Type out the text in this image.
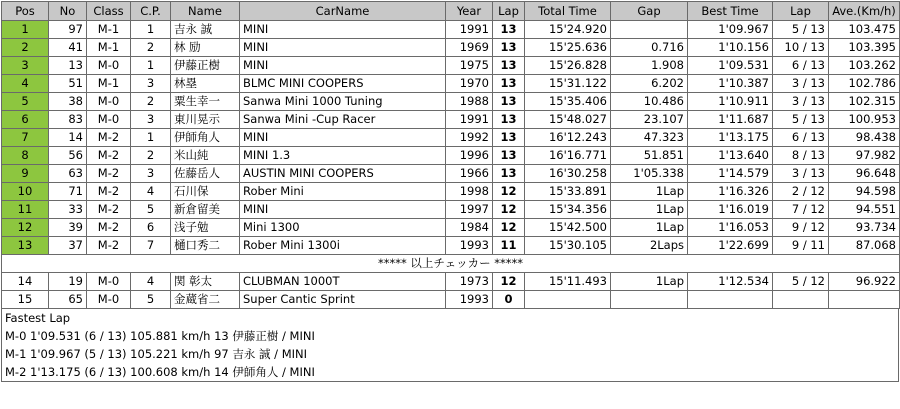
Pos	No	Class	C.P.	Name	CarName	Year	Lap	Total Time	Gap	Best Time	Lap	Ave.(Km/h)
1	97	M-1	1	吉永 誠	MINI	1991	13	15'24.920		1'09.967	5 / 13	103.475
2	41	M-1	2	林 励	MINI	1969	13	15'25.636	0.716	1'10.156	10 / 13	103.395
3	13	M-0	1	伊藤正樹	MINI	1975	13	15'26.828	1.908	1'09.531	6 / 13	103.262
4	51	M-1	3	林塁	BLMC MINI COOPERS	1970	13	15'31.122	6.202	1'10.387	3 / 13	102.786
5	38	M-0	2	粟生幸一	Sanwa Mini 1000 Tuning	1988	13	15'35.406	10.486	1'10.911	3 / 13	102.315
6	83	M-0	3	東川晃示	Sanwa Mini -Cup Racer	1991	13	15'48.027	23.107	1'11.687	5 / 13	100.953
7	14	M-2	1	伊師角人	MINI	1992	13	16'12.243	47.323	1'13.175	6 / 13	98.438
8	56	M-2	2	米山純	MINI 1.3	1996	13	16'16.771	51.851	1'13.640	8 / 13	97.982
9	63	M-2	3	佐藤岳人	AUSTIN MINI COOPERS	1966	13	16'30.258	1'05.338	1'14.579	3 / 13	96.648
10	71	M-2	4	石川保	Rober Mini	1998	12	15'33.891	1Lap	1'16.326	2 / 12	94.598
11	33	M-2	5	新倉留美	MINI	1997	12	15'34.356	1Lap	1'16.019	7 / 12	94.551
12	39	M-2	6	浅子勉	Mini 1300	1984	12	15'42.500	1Lap	1'16.053	9 / 12	93.734
13	37	M-2	7	樋口秀二	Rober Mini 1300i	1993	11	15'30.105	2Laps	1'22.699	9 / 11	87.068
***** 以上チェッカー *****												
14	19	M-0	4	関 彰太	CLUBMAN 1000T	1973	12	15'11.493	1Lap	1'12.534	5 / 12	96.922
15	65	M-0	5	金蔵省二	Super Cantic Sprint	1993	0					
Fastest Lap
M-0 1'09.531 (6 / 13) 105.881 km/h 13 伊藤正樹 / MINI
M-1 1'09.967 (5 / 13) 105.221 km/h 97 吉永 誠 / MINI
M-2 1'13.175 (6 / 13) 100.608 km/h 14 伊師角人 / MINI
